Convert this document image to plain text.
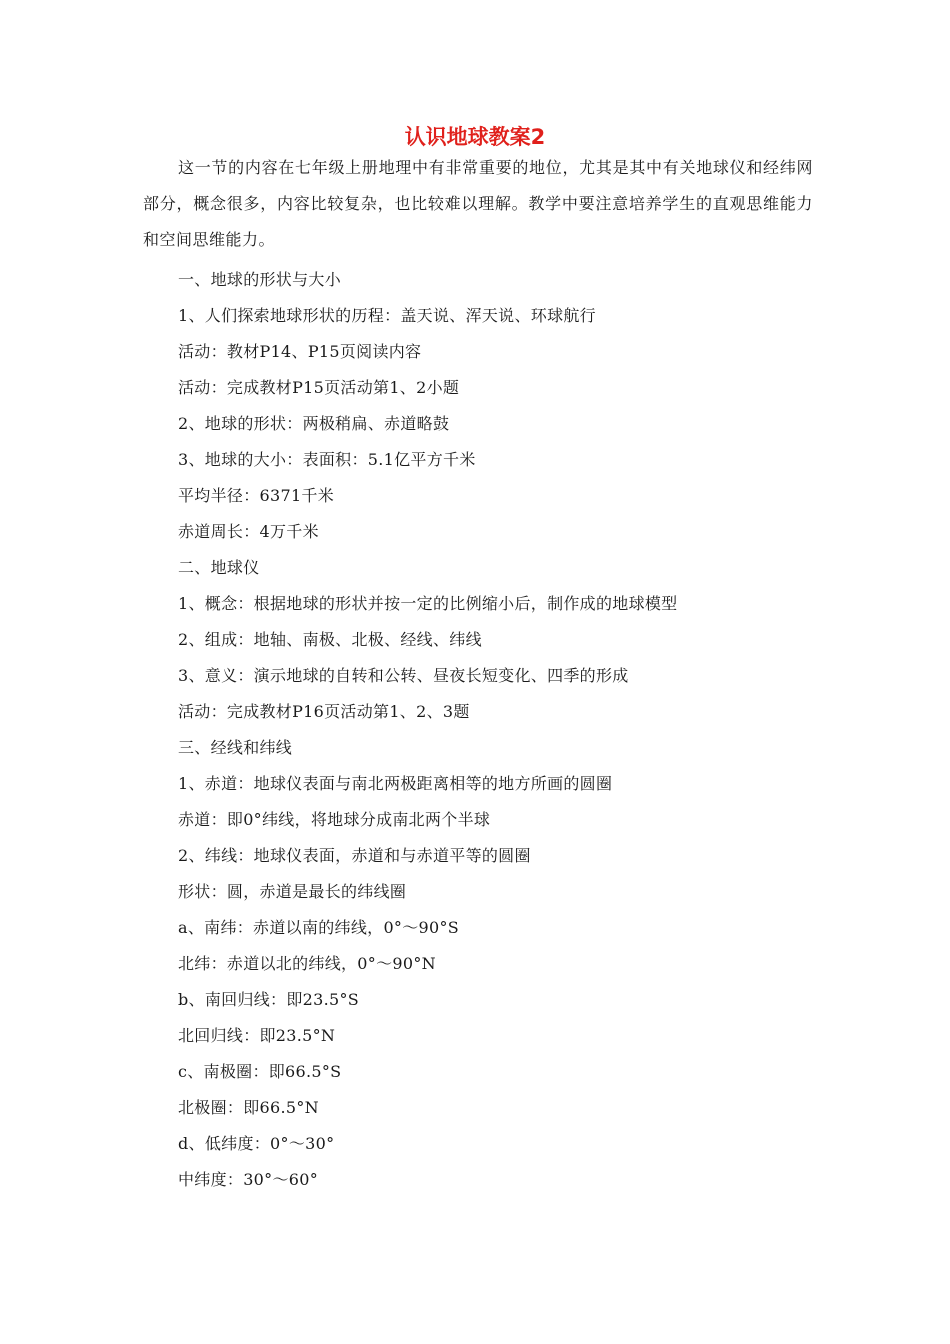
认识地球教案2

这一节的内容在七年级上册地理中有非常重要的地位，尤其是其中有关地球仪和经纬网部分，概念很多，内容比较复杂，也比较难以理解。教学中要注意培养学生的直观思维能力和空间思维能力。

一、地球的形状与大小
1、人们探索地球形状的历程：盖天说、浑天说、环球航行
活动：教材P14、P15页阅读内容
活动：完成教材P15页活动第1、2小题
2、地球的形状：两极稍扁、赤道略鼓
3、地球的大小：表面积：5.1亿平方千米
平均半径：6371千米
赤道周长：4万千米
二、地球仪
1、概念：根据地球的形状并按一定的比例缩小后，制作成的地球模型
2、组成：地轴、南极、北极、经线、纬线
3、意义：演示地球的自转和公转、昼夜长短变化、四季的形成
活动：完成教材P16页活动第1、2、3题
三、经线和纬线
1、赤道：地球仪表面与南北两极距离相等的地方所画的圆圈
赤道：即0°纬线，将地球分成南北两个半球
2、纬线：地球仪表面，赤道和与赤道平等的圆圈
形状：圆，赤道是最长的纬线圈
a、南纬：赤道以南的纬线，0°～90°S
北纬：赤道以北的纬线，0°～90°N
b、南回归线：即23.5°S
北回归线：即23.5°N
c、南极圈：即66.5°S
北极圈：即66.5°N
d、低纬度：0°～30°
中纬度：30°～60°
